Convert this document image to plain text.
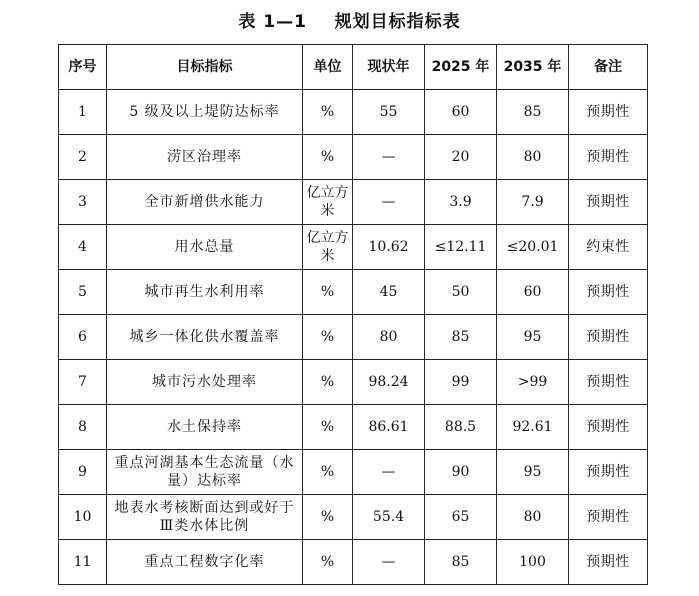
表 1—1    规划目标指标表
序号	目标指标	单位	现状年	2025 年	2035 年	备注
1	5 级及以上堤防达标率	%	55	60	85	预期性
2	涝区治理率	%	—	20	80	预期性
3	全市新增供水能力	亿立方米	—	3.9	7.9	预期性
4	用水总量	亿立方米	10.62	≤12.11	≤20.01	约束性
5	城市再生水利用率	%	45	50	60	预期性
6	城乡一体化供水覆盖率	%	80	85	95	预期性
7	城市污水处理率	%	98.24	99	>99	预期性
8	水土保持率	%	86.61	88.5	92.61	预期性
9	重点河湖基本生态流量（水量）达标率	%	—	90	95	预期性
10	地表水考核断面达到或好于Ⅲ类水体比例	%	55.4	65	80	预期性
11	重点工程数字化率	%	—	85	100	预期性
